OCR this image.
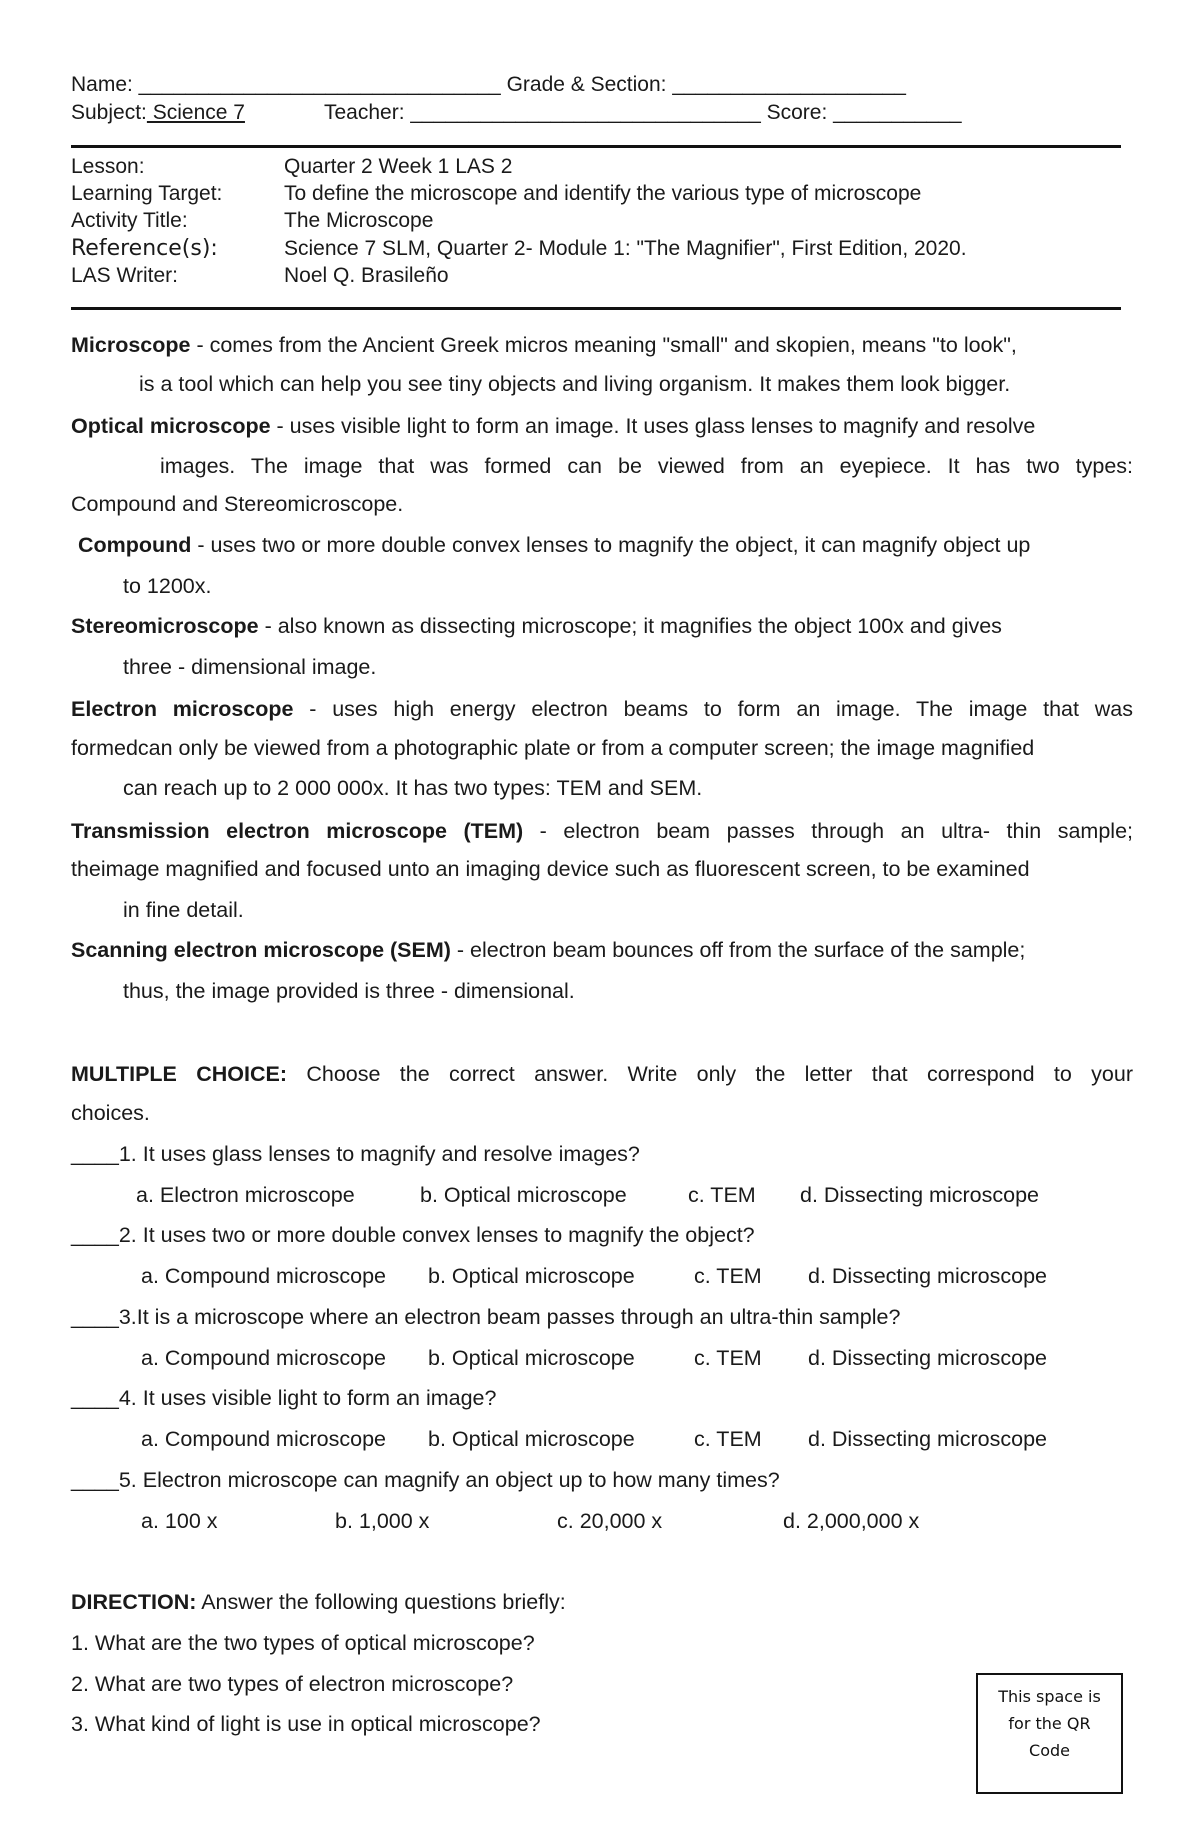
Name: _______________________________ Grade & Section: ____________________
Subject: Science 7	Teacher: ______________________________ Score: ___________
Lesson:	Quarter 2 Week 1 LAS 2
Learning Target:	To define the microscope and identify the various type of microscope
Activity Title:	The Microscope
Reference(s):	Science 7 SLM, Quarter 2- Module 1: "The Magnifier", First Edition, 2020.
LAS Writer:	Noel Q. Brasileño
Microscope - comes from the Ancient Greek micros meaning "small" and skopien, means "to look",
is a tool which can help you see tiny objects and living organism. It makes them look bigger.
Optical microscope - uses visible light to form an image. It uses glass lenses to magnify and resolve
images. The image that was formed can be viewed from an eyepiece. It has two types:
Compound and Stereomicroscope.
Compound - uses two or more double convex lenses to magnify the object, it can magnify object up
to 1200x.
Stereomicroscope - also known as dissecting microscope; it magnifies the object 100x and gives
three - dimensional image.
Electron microscope - uses high energy electron beams to form an image. The image that was
formedcan only be viewed from a photographic plate or from a computer screen; the image magnified
can reach up to 2 000 000x. It has two types: TEM and SEM.
Transmission electron microscope (TEM) - electron beam passes through an ultra- thin sample;
theimage magnified and focused unto an imaging device such as fluorescent screen, to be examined
in fine detail.
Scanning electron microscope (SEM) - electron beam bounces off from the surface of the sample;
thus, the image provided is three - dimensional.
MULTIPLE CHOICE: Choose the correct answer. Write only the letter that correspond to your
choices.
____1. It uses glass lenses to magnify and resolve images?
a. Electron microscope	b. Optical microscope	c. TEM d. Dissecting microscope
____2. It uses two or more double convex lenses to magnify the object?
a. Compound microscope b. Optical microscope	c. TEM d. Dissecting microscope
____3.It is a microscope where an electron beam passes through an ultra-thin sample?
a. Compound microscope b. Optical microscope	c. TEM d. Dissecting microscope
____4. It uses visible light to form an image?
a. Compound microscope b. Optical microscope	c. TEM d. Dissecting microscope
____5. Electron microscope can magnify an object up to how many times?
a. 100 x	b. 1,000 x	c. 20,000 x	d. 2,000,000 x
DIRECTION: Answer the following questions briefly:
1. What are the two types of optical microscope?
2. What are two types of electron microscope?
3. What kind of light is use in optical microscope?
This space is
for the QR
Code
